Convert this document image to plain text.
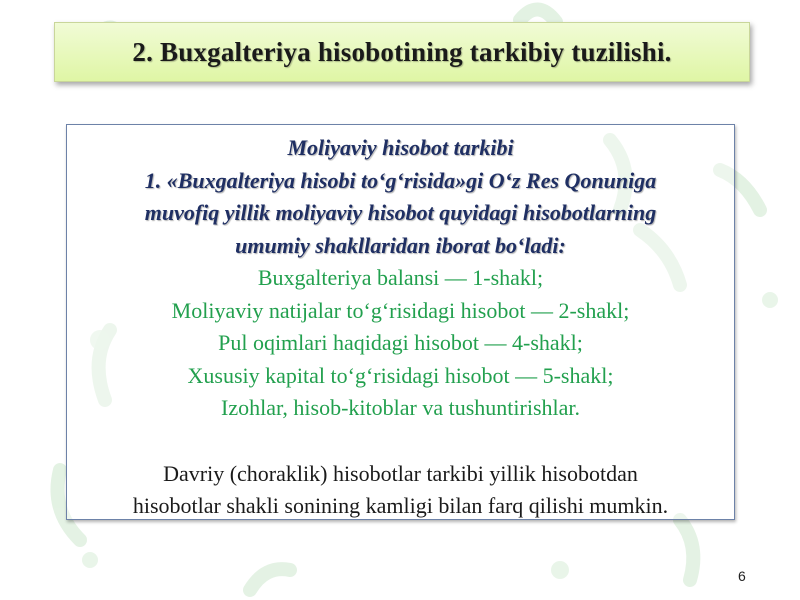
2. Buxgalteriya hisobotining tarkibiy tuzilishi.
Moliyaviy hisobot tarkibi
1. «Buxgalteriya hisobi to‘g‘risida»gi O‘z Res Qonuniga
muvofiq yillik moliyaviy hisobot quyidagi hisobotlarning
umumiy shakllaridan iborat bo‘ladi:
Buxgalteriya balansi — 1-shakl;
Moliyaviy natijalar to‘g‘risidagi hisobot — 2-shakl;
Pul oqimlari haqidagi hisobot — 4-shakl;
Xususiy kapital to‘g‘risidagi hisobot — 5-shakl;
Izohlar, hisob-kitoblar va tushuntirishlar.
Davriy (choraklik) hisobotlar tarkibi yillik hisobotdan
hisobotlar shakli sonining kamligi bilan farq qilishi mumkin.
6
